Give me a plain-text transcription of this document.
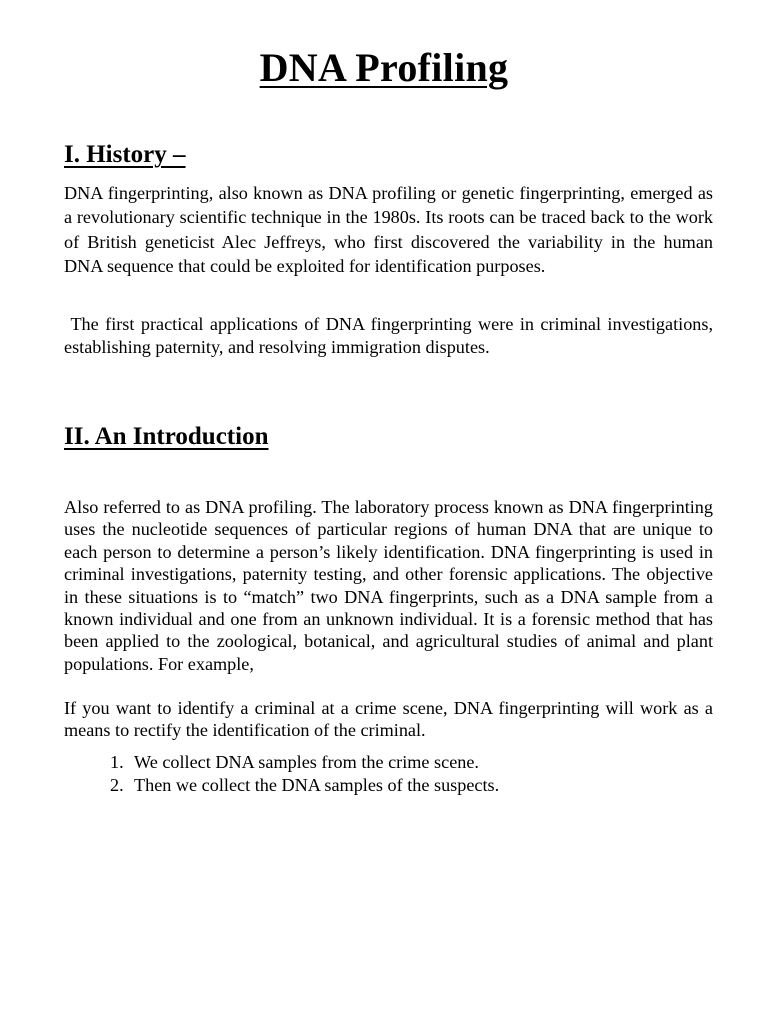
DNA Profiling
I. History –

DNA fingerprinting, also known as DNA profiling or genetic fingerprinting, emerged as a revolutionary scientific technique in the 1980s. Its roots can be traced back to the work of British geneticist Alec Jeffreys, who first discovered the variability in the human DNA sequence that could be exploited for identification purposes.

The first practical applications of DNA fingerprinting were in criminal investigations, establishing paternity, and resolving immigration disputes.

II. An Introduction

Also referred to as DNA profiling. The laboratory process known as DNA fingerprinting uses the nucleotide sequences of particular regions of human DNA that are unique to each person to determine a person’s likely identification. DNA fingerprinting is used in criminal investigations, paternity testing, and other forensic applications. The objective in these situations is to “match” two DNA fingerprints, such as a DNA sample from a known individual and one from an unknown individual. It is a forensic method that has been applied to the zoological, botanical, and agricultural studies of animal and plant populations. For example,

If you want to identify a criminal at a crime scene, DNA fingerprinting will work as a means to rectify the identification of the criminal.

1. We collect DNA samples from the crime scene.
2. Then we collect the DNA samples of the suspects.
